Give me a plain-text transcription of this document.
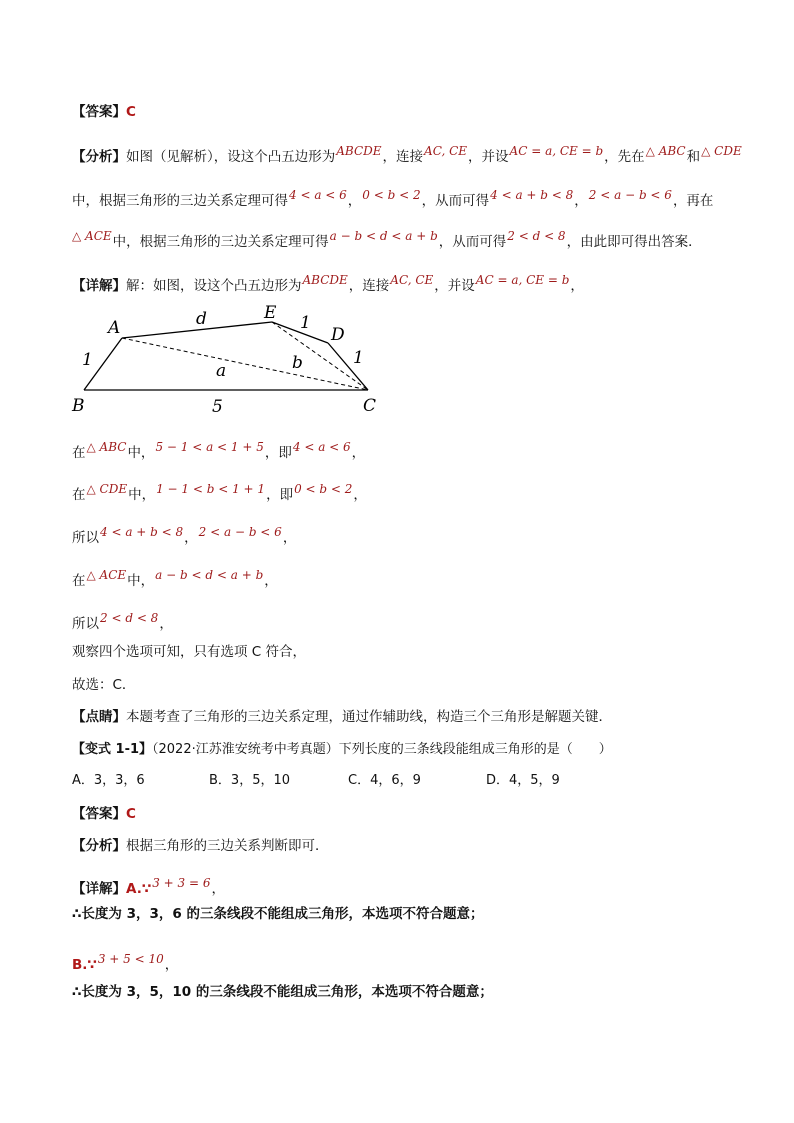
【答案】C
【分析】如图（见解析），设这个凸五边形为ABCDE，连接AC, CE，并设AC = a, CE = b，先在△ ABC和△ CDE
中，根据三角形的三边关系定理可得4 < a < 6，0 < b < 2，从而可得4 < a + b < 8，2 < a − b < 6，再在
△ ACE中，根据三角形的三边关系定理可得a − b < d < a + b，从而可得2 < d < 8，由此即可得出答案．
【详解】解：如图，设这个凸五边形为ABCDE，连接AC, CE，并设AC = a, CE = b，
A
B	C
D
E
d
1
1
1
a	b
5
在△ ABC中，5 − 1 < a < 1 + 5，即4 < a < 6，
在△ CDE中，1 − 1 < b < 1 + 1，即0 < b < 2，
所以4 < a + b < 8，2 < a − b < 6，
在△ ACE中，a − b < d < a + b，
所以2 < d < 8，
观察四个选项可知，只有选项 C 符合，
故选：C．
【点睛】本题考查了三角形的三边关系定理，通过作辅助线，构造三个三角形是解题关键．
【变式 1-1】（2022·江苏淮安统考中考真题）下列长度的三条线段能组成三角形的是（　　）
A．3，3，6	B．3，5，10	C．4，6，9	D．4，5，9
【答案】C
【分析】根据三角形的三边关系判断即可．
【详解】A.∵3 + 3 = 6，
∴长度为 3，3，6 的三条线段不能组成三角形，本选项不符合题意；
B.∵3 + 5 < 10，
∴长度为 3，5，10 的三条线段不能组成三角形，本选项不符合题意；
